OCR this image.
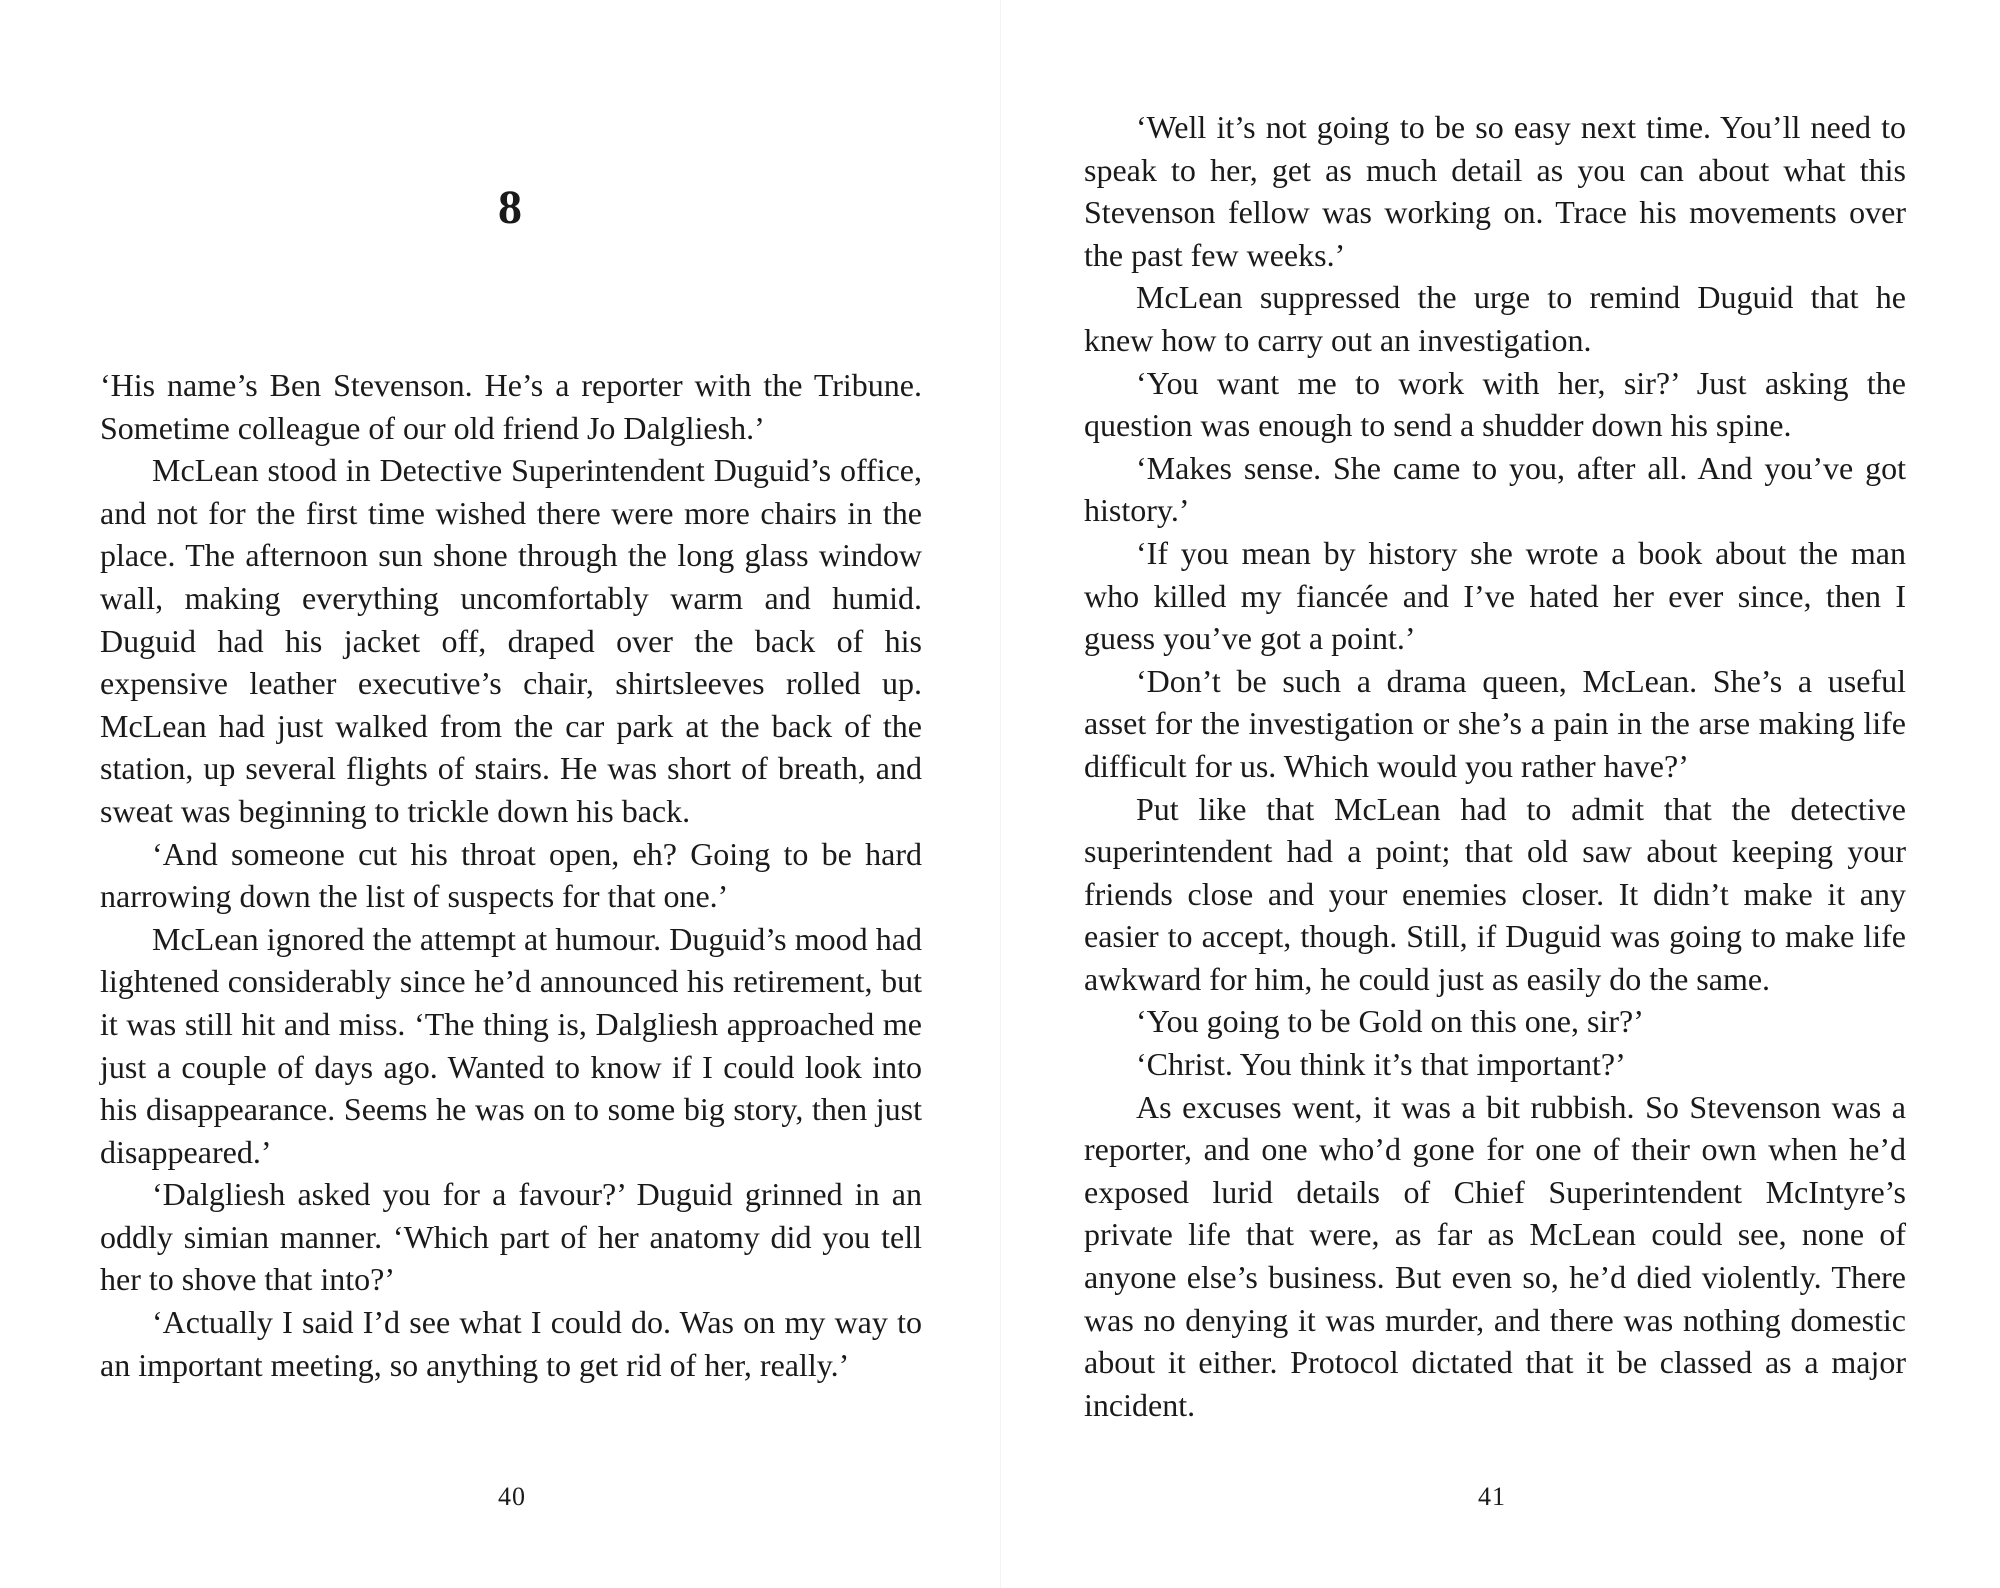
8

‘His name’s Ben Stevenson. He’s a reporter with the Tribune. Sometime colleague of our old friend Jo Dalgliesh.’

McLean stood in Detective Superintendent Duguid’s office, and not for the first time wished there were more chairs in the place. The afternoon sun shone through the long glass window wall, making everything uncomfortably warm and humid. Duguid had his jacket off, draped over the back of his expensive leather executive’s chair, shirtsleeves rolled up. McLean had just walked from the car park at the back of the station, up several flights of stairs. He was short of breath, and sweat was beginning to trickle down his back.

‘And someone cut his throat open, eh? Going to be hard narrowing down the list of suspects for that one.’

McLean ignored the attempt at humour. Duguid’s mood had lightened considerably since he’d announced his retirement, but it was still hit and miss. ‘The thing is, Dalgliesh approached me just a couple of days ago. Wanted to know if I could look into his disappearance. Seems he was on to some big story, then just disappeared.’

‘Dalgliesh asked you for a favour?’ Duguid grinned in an oddly simian manner. ‘Which part of her anatomy did you tell her to shove that into?’

‘Actually I said I’d see what I could do. Was on my way to an important meeting, so anything to get rid of her, really.’

40

‘Well it’s not going to be so easy next time. You’ll need to speak to her, get as much detail as you can about what this Stevenson fellow was working on. Trace his movements over the past few weeks.’

McLean suppressed the urge to remind Duguid that he knew how to carry out an investigation.

‘You want me to work with her, sir?’ Just asking the question was enough to send a shudder down his spine.

‘Makes sense. She came to you, after all. And you’ve got history.’

‘If you mean by history she wrote a book about the man who killed my fiancée and I’ve hated her ever since, then I guess you’ve got a point.’

‘Don’t be such a drama queen, McLean. She’s a useful asset for the investigation or she’s a pain in the arse making life difficult for us. Which would you rather have?’

Put like that McLean had to admit that the detective superintendent had a point; that old saw about keeping your friends close and your enemies closer. It didn’t make it any easier to accept, though. Still, if Duguid was going to make life awkward for him, he could just as easily do the same.

‘You going to be Gold on this one, sir?’

‘Christ. You think it’s that important?’

As excuses went, it was a bit rubbish. So Stevenson was a reporter, and one who’d gone for one of their own when he’d exposed lurid details of Chief Superintendent McIntyre’s private life that were, as far as McLean could see, none of anyone else’s business. But even so, he’d died violently. There was no denying it was murder, and there was nothing domestic about it either. Protocol dictated that it be classed as a major incident.

41
